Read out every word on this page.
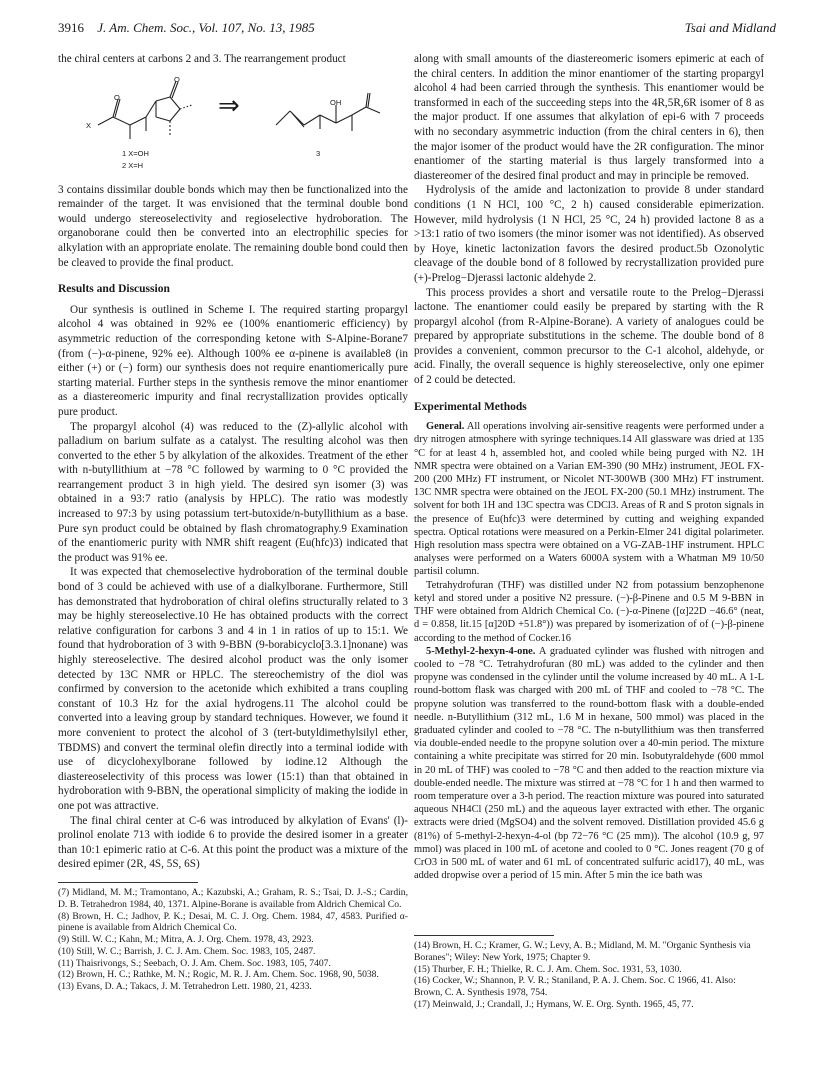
3916 J. Am. Chem. Soc., Vol. 107, No. 13, 1985	Tsai and Midland

the chiral centers at carbons 2 and 3. The rearrangement product

X
O
O
OH
1 X=OH
2 X=H
3
⇒

3 contains dissimilar double bonds which may then be functionalized into the remainder of the target. It was envisioned that the terminal double bond would undergo stereoselectivity and regioselective hydroboration. The organoborane could then be converted into an electrophilic species for alkylation with an appropriate enolate. The remaining double bond could then be cleaved to provide the final product.

Results and Discussion

Our synthesis is outlined in Scheme I. The required starting propargyl alcohol 4 was obtained in 92% ee (100% enantiomeric efficiency) by asymmetric reduction of the corresponding ketone with S-Alpine-Borane7 (from (−)-α-pinene, 92% ee). Although 100% ee α-pinene is available8 (in either (+) or (−) form) our synthesis does not require enantiomerically pure starting material. Further steps in the synthesis remove the minor enantiomer as a diastereomeric impurity and final recrystallization provides optically pure product.

The propargyl alcohol (4) was reduced to the (Z)-allylic alcohol with palladium on barium sulfate as a catalyst. The resulting alcohol was then converted to the ether 5 by alkylation of the alkoxides. Treatment of the ether with n-butyllithium at −78 °C followed by warming to 0 °C provided the rearrangement product 3 in high yield. The desired syn isomer (3) was obtained in a 93:7 ratio (analysis by HPLC). The ratio was modestly increased to 97:3 by using potassium tert-butoxide/n-butyllithium as a base. Pure syn product could be obtained by flash chromatography.9 Examination of the enantiomeric purity with NMR shift reagent (Eu(hfc)3) indicated that the product was 91% ee.

It was expected that chemoselective hydroboration of the terminal double bond of 3 could be achieved with use of a dialkylborane. Furthermore, Still has demonstrated that hydroboration of chiral olefins structurally related to 3 may be highly stereoselective.10 He has obtained products with the correct relative configuration for carbons 3 and 4 in 1 in ratios of up to 15:1. We found that hydroboration of 3 with 9-BBN (9-borabicyclo[3.3.1]nonane) was highly stereoselective. The desired alcohol product was the only isomer detected by 13C NMR or HPLC. The stereochemistry of the diol was confirmed by conversion to the acetonide which exhibited a trans coupling constant of 10.3 Hz for the axial hydrogens.11 The alcohol could be converted into a leaving group by standard techniques. However, we found it more convenient to protect the alcohol of 3 (tert-butyldimethylsilyl ether, TBDMS) and convert the terminal olefin directly into a terminal iodide with use of dicyclohexylborane followed by iodine.12 Although the diastereoselectivity of this process was lower (15:1) than that obtained in hydroboration with 9-BBN, the operational simplicity of making the iodide in one pot was attractive.

The final chiral center at C-6 was introduced by alkylation of Evans' (l)-prolinol enolate 713 with iodide 6 to provide the desired isomer in a greater than 10:1 epimeric ratio at C-6. At this point the product was a mixture of the desired epimer (2R, 4S, 5S, 6S)

(7) Midland, M. M.; Tramontano, A.; Kazubski, A.; Graham, R. S.; Tsai, D. J.-S.; Cardin, D. B. Tetrahedron 1984, 40, 1371. Alpine-Borane is available from Aldrich Chemical Co.

(8) Brown, H. C.; Jadhov, P. K.; Desai, M. C. J. Org. Chem. 1984, 47, 4583. Purified α-pinene is available from Aldrich Chemical Co.

(9) Still. W. C.; Kahn, M.; Mitra, A. J. Org. Chem. 1978, 43, 2923.

(10) Still, W. C.; Barrish, J. C. J. Am. Chem. Soc. 1983, 105, 2487.

(11) Thaisrivongs, S.; Seebach, O. J. Am. Chem. Soc. 1983, 105, 7407.

(12) Brown, H. C.; Rathke, M. N.; Rogic, M. R. J. Am. Chem. Soc. 1968, 90, 5038.

(13) Evans, D. A.; Takacs, J. M. Tetrahedron Lett. 1980, 21, 4233.

along with small amounts of the diastereomeric isomers epimeric at each of the chiral centers. In addition the minor enantiomer of the starting propargyl alcohol 4 had been carried through the synthesis. This enantiomer would be transformed in each of the succeeding steps into the 4R,5R,6R isomer of 8 as the major product. If one assumes that alkylation of epi-6 with 7 proceeds with no secondary asymmetric induction (from the chiral centers in 6), then the major isomer of the product would have the 2R configuration. The minor enantiomer of the starting material is thus largely transformed into a diastereomer of the desired final product and may in principle be removed.

Hydrolysis of the amide and lactonization to provide 8 under standard conditions (1 N HCl, 100 °C, 2 h) caused considerable epimerization. However, mild hydrolysis (1 N HCl, 25 °C, 24 h) provided lactone 8 as a >13:1 ratio of two isomers (the minor isomer was not identified). As observed by Hoye, kinetic lactonization favors the desired product.5b Ozonolytic cleavage of the double bond of 8 followed by recrystallization provided pure (+)-Prelog−Djerassi lactonic aldehyde 2.

This process provides a short and versatile route to the Prelog−Djerassi lactone. The enantiomer could easily be prepared by starting with the R propargyl alcohol (from R-Alpine-Borane). A variety of analogues could be prepared by appropriate substitutions in the scheme. The double bond of 8 provides a convenient, common precursor to the C-1 alcohol, aldehyde, or acid. Finally, the overall sequence is highly stereoselective, only one epimer of 2 could be detected.

Experimental Methods

General. All operations involving air-sensitive reagents were performed under a dry nitrogen atmosphere with syringe techniques.14 All glassware was dried at 135 °C for at least 4 h, assembled hot, and cooled while being purged with N2. 1H NMR spectra were obtained on a Varian EM-390 (90 MHz) instrument, JEOL FX-200 (200 MHz) FT instrument, or Nicolet NT-300WB (300 MHz) FT instrument. 13C NMR spectra were obtained on the JEOL FX-200 (50.1 MHz) instrument. The solvent for both 1H and 13C spectra was CDCl3. Areas of R and S proton signals in the presence of Eu(hfc)3 were determined by cutting and weighing expanded spectra. Optical rotations were measured on a Perkin-Elmer 241 digital polarimeter. High resolution mass spectra were obtained on a VG-ZAB-1HF instrument. HPLC analyses were performed on a Waters 6000A system with a Whatman M9 10/50 partisil column.

Tetrahydrofuran (THF) was distilled under N2 from potassium benzophenone ketyl and stored under a positive N2 pressure. (−)-β-Pinene and 0.5 M 9-BBN in THF were obtained from Aldrich Chemical Co. (−)-α-Pinene ([α]22D −46.6° (neat, d = 0.858, lit.15 [α]20D +51.8°)) was prepared by isomerization of of (−)-β-pinene according to the method of Cocker.16

5-Methyl-2-hexyn-4-one. A graduated cylinder was flushed with nitrogen and cooled to −78 °C. Tetrahydrofuran (80 mL) was added to the cylinder and then propyne was condensed in the cylinder until the volume increased by 40 mL. A 1-L round-bottom flask was charged with 200 mL of THF and cooled to −78 °C. The propyne solution was transferred to the round-bottom flask with a double-ended needle. n-Butyllithium (312 mL, 1.6 M in hexane, 500 mmol) was placed in the graduated cylinder and cooled to −78 °C. The n-butyllithium was then transferred via double-ended needle to the propyne solution over a 40-min period. The mixture containing a white precipitate was stirred for 20 min. Isobutyraldehyde (600 mmol in 20 mL of THF) was cooled to −78 °C and then added to the reaction mixture via double-ended needle. The mixture was stirred at −78 °C for 1 h and then warmed to room temperature over a 3-h period. The reaction mixture was poured into saturated aqueous NH4Cl (250 mL) and the aqueous layer extracted with ether. The organic extracts were dried (MgSO4) and the solvent removed. Distillation provided 45.6 g (81%) of 5-methyl-2-hexyn-4-ol (bp 72−76 °C (25 mm)). The alcohol (10.9 g, 97 mmol) was placed in 100 mL of acetone and cooled to 0 °C. Jones reagent (70 g of CrO3 in 500 mL of water and 61 mL of concentrated sulfuric acid17), 40 mL, was added dropwise over a period of 15 min. After 5 min the ice bath was

(14) Brown, H. C.; Kramer, G. W.; Levy, A. B.; Midland, M. M. "Organic Synthesis via Boranes"; Wiley: New York, 1975; Chapter 9.

(15) Thurber, F. H.; Thielke, R. C. J. Am. Chem. Soc. 1931, 53, 1030.

(16) Cocker, W.; Shannon, P. V. R.; Staniland, P. A. J. Chem. Soc. C 1966, 41. Also: Brown, C. A. Synthesis 1978, 754.

(17) Meinwald, J.; Crandall, J.; Hymans, W. E. Org. Synth. 1965, 45, 77.
